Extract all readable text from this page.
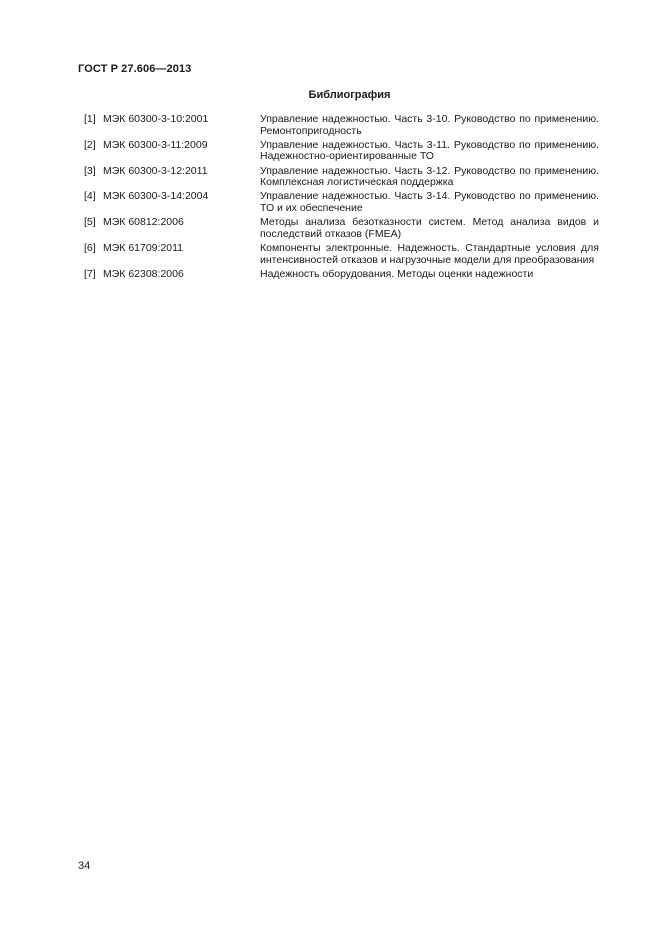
ГОСТ Р 27.606—2013
Библиография
[1] МЭК 60300-3-10:2001	Управление надежностью. Часть 3-10. Руководство по применению. Ремонтопригодность
[2] МЭК 60300-3-11:2009	Управление надежностью. Часть 3-11. Руководство по применению. Надежностно-ориентированные ТО
[3] МЭК 60300-3-12:2011	Управление надежностью. Часть 3-12. Руководство по применению. Комплексная логистическая поддержка
[4] МЭК 60300-3-14:2004	Управление надежностью. Часть 3-14. Руководство по применению. ТО и их обеспечение
[5] МЭК 60812:2006	Методы анализа безотказности систем. Метод анализа видов и последствий отказов (FMEA)
[6] МЭК 61709:2011	Компоненты электронные. Надежность. Стандартные условия для интенсивностей отказов и нагрузочные модели для преобразования
[7] МЭК 62308:2006	Надежность оборудования. Методы оценки надежности
34
